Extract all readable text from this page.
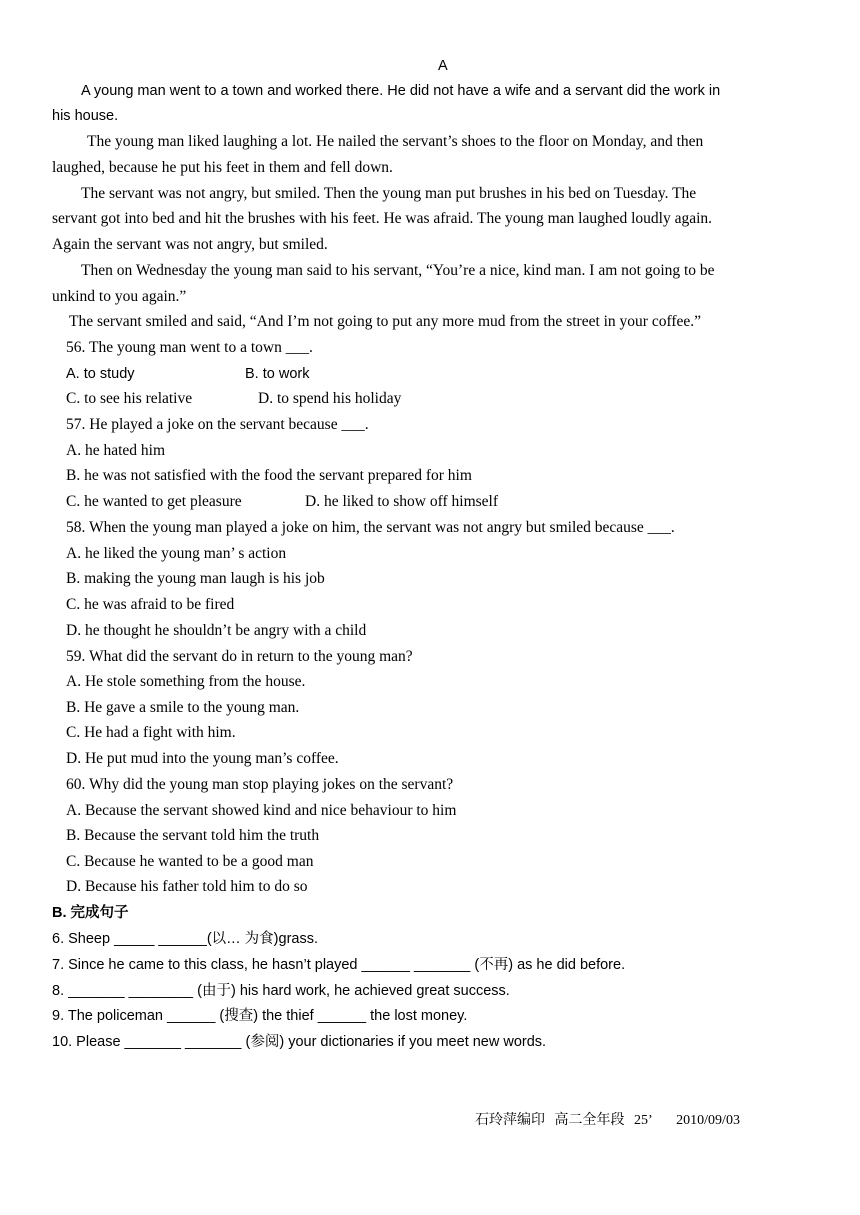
A
A young man went to a town and worked there. He did not have a wife and a servant did the work in
his house.
The young man liked laughing a lot. He nailed the servant’s shoes to the floor on Monday, and then
laughed, because he put his feet in them and fell down.
The servant was not angry, but smiled. Then the young man put brushes in his bed on Tuesday. The
servant got into bed and hit the brushes with his feet. He was afraid. The young man laughed loudly again.
Again the servant was not angry, but smiled.
Then on Wednesday the young man said to his servant, “You’re a nice, kind man. I am not going to be
unkind to you again.”
The servant smiled and said, “And I’m not going to put any more mud from the street in your coffee.”
56. The young man went to a town ___.
A. to study	B. to work
C. to see his relative	D. to spend his holiday
57. He played a joke on the servant because ___.
A. he hated him
B. he was not satisfied with the food the servant prepared for him
C. he wanted to get pleasure	D. he liked to show off himself
58. When the young man played a joke on him, the servant was not angry but smiled because ___.
A. he liked the young man’ s action
B. making the young man laugh is his job
C. he was afraid to be fired
D. he thought he shouldn’t be angry with a child
59. What did the servant do in return to the young man?
A. He stole something from the house.
B. He gave a smile to the young man.
C. He had a fight with him.
D. He put mud into the young man’s coffee.
60. Why did the young man stop playing jokes on the servant?
A. Because the servant showed kind and nice behaviour to him
B. Because the servant told him the truth
C. Because he wanted to be a good man
D. Because his father told him to do so
B. 完成句子
6. Sheep _____ ______(以… 为食)grass.
7. Since he came to this class, he hasn’t played ______ _______ (不再) as he did before.
8. _______ ________ (由于) his hard work, he achieved great success.
9. The policeman ______ (搜查) the thief ______ the lost money.
10. Please _______ _______ (参阅) your dictionaries if you meet new words.
石玲萍编印 高二全年段 25’ 2010/09/03
